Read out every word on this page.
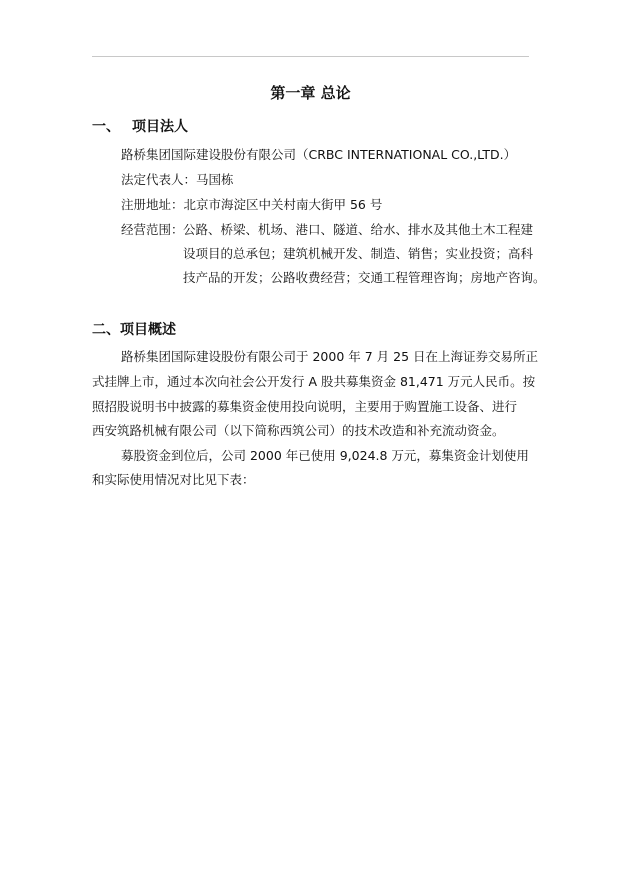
第一章 总论
一、 项目法人
路桥集团国际建设股份有限公司（CRBC INTERNATIONAL CO.,LTD.）
法定代表人：马国栋
注册地址：北京市海淀区中关村南大街甲 56 号
经营范围： 公路、桥梁、机场、港口、隧道、给水、排水及其他土木工程建
设项目的总承包；建筑机械开发、制造、销售；实业投资；高科
技产品的开发；公路收费经营；交通工程管理咨询；房地产咨询。
二、项目概述
路桥集团国际建设股份有限公司于 2000 年 7 月 25 日在上海证券交易所正
式挂牌上市，通过本次向社会公开发行 A 股共募集资金 81,471 万元人民币。按
照招股说明书中披露的募集资金使用投向说明，主要用于购置施工设备、进行
西安筑路机械有限公司（以下简称西筑公司）的技术改造和补充流动资金。
募股资金到位后，公司 2000 年已使用 9,024.8 万元，募集资金计划使用
和实际使用情况对比见下表：
